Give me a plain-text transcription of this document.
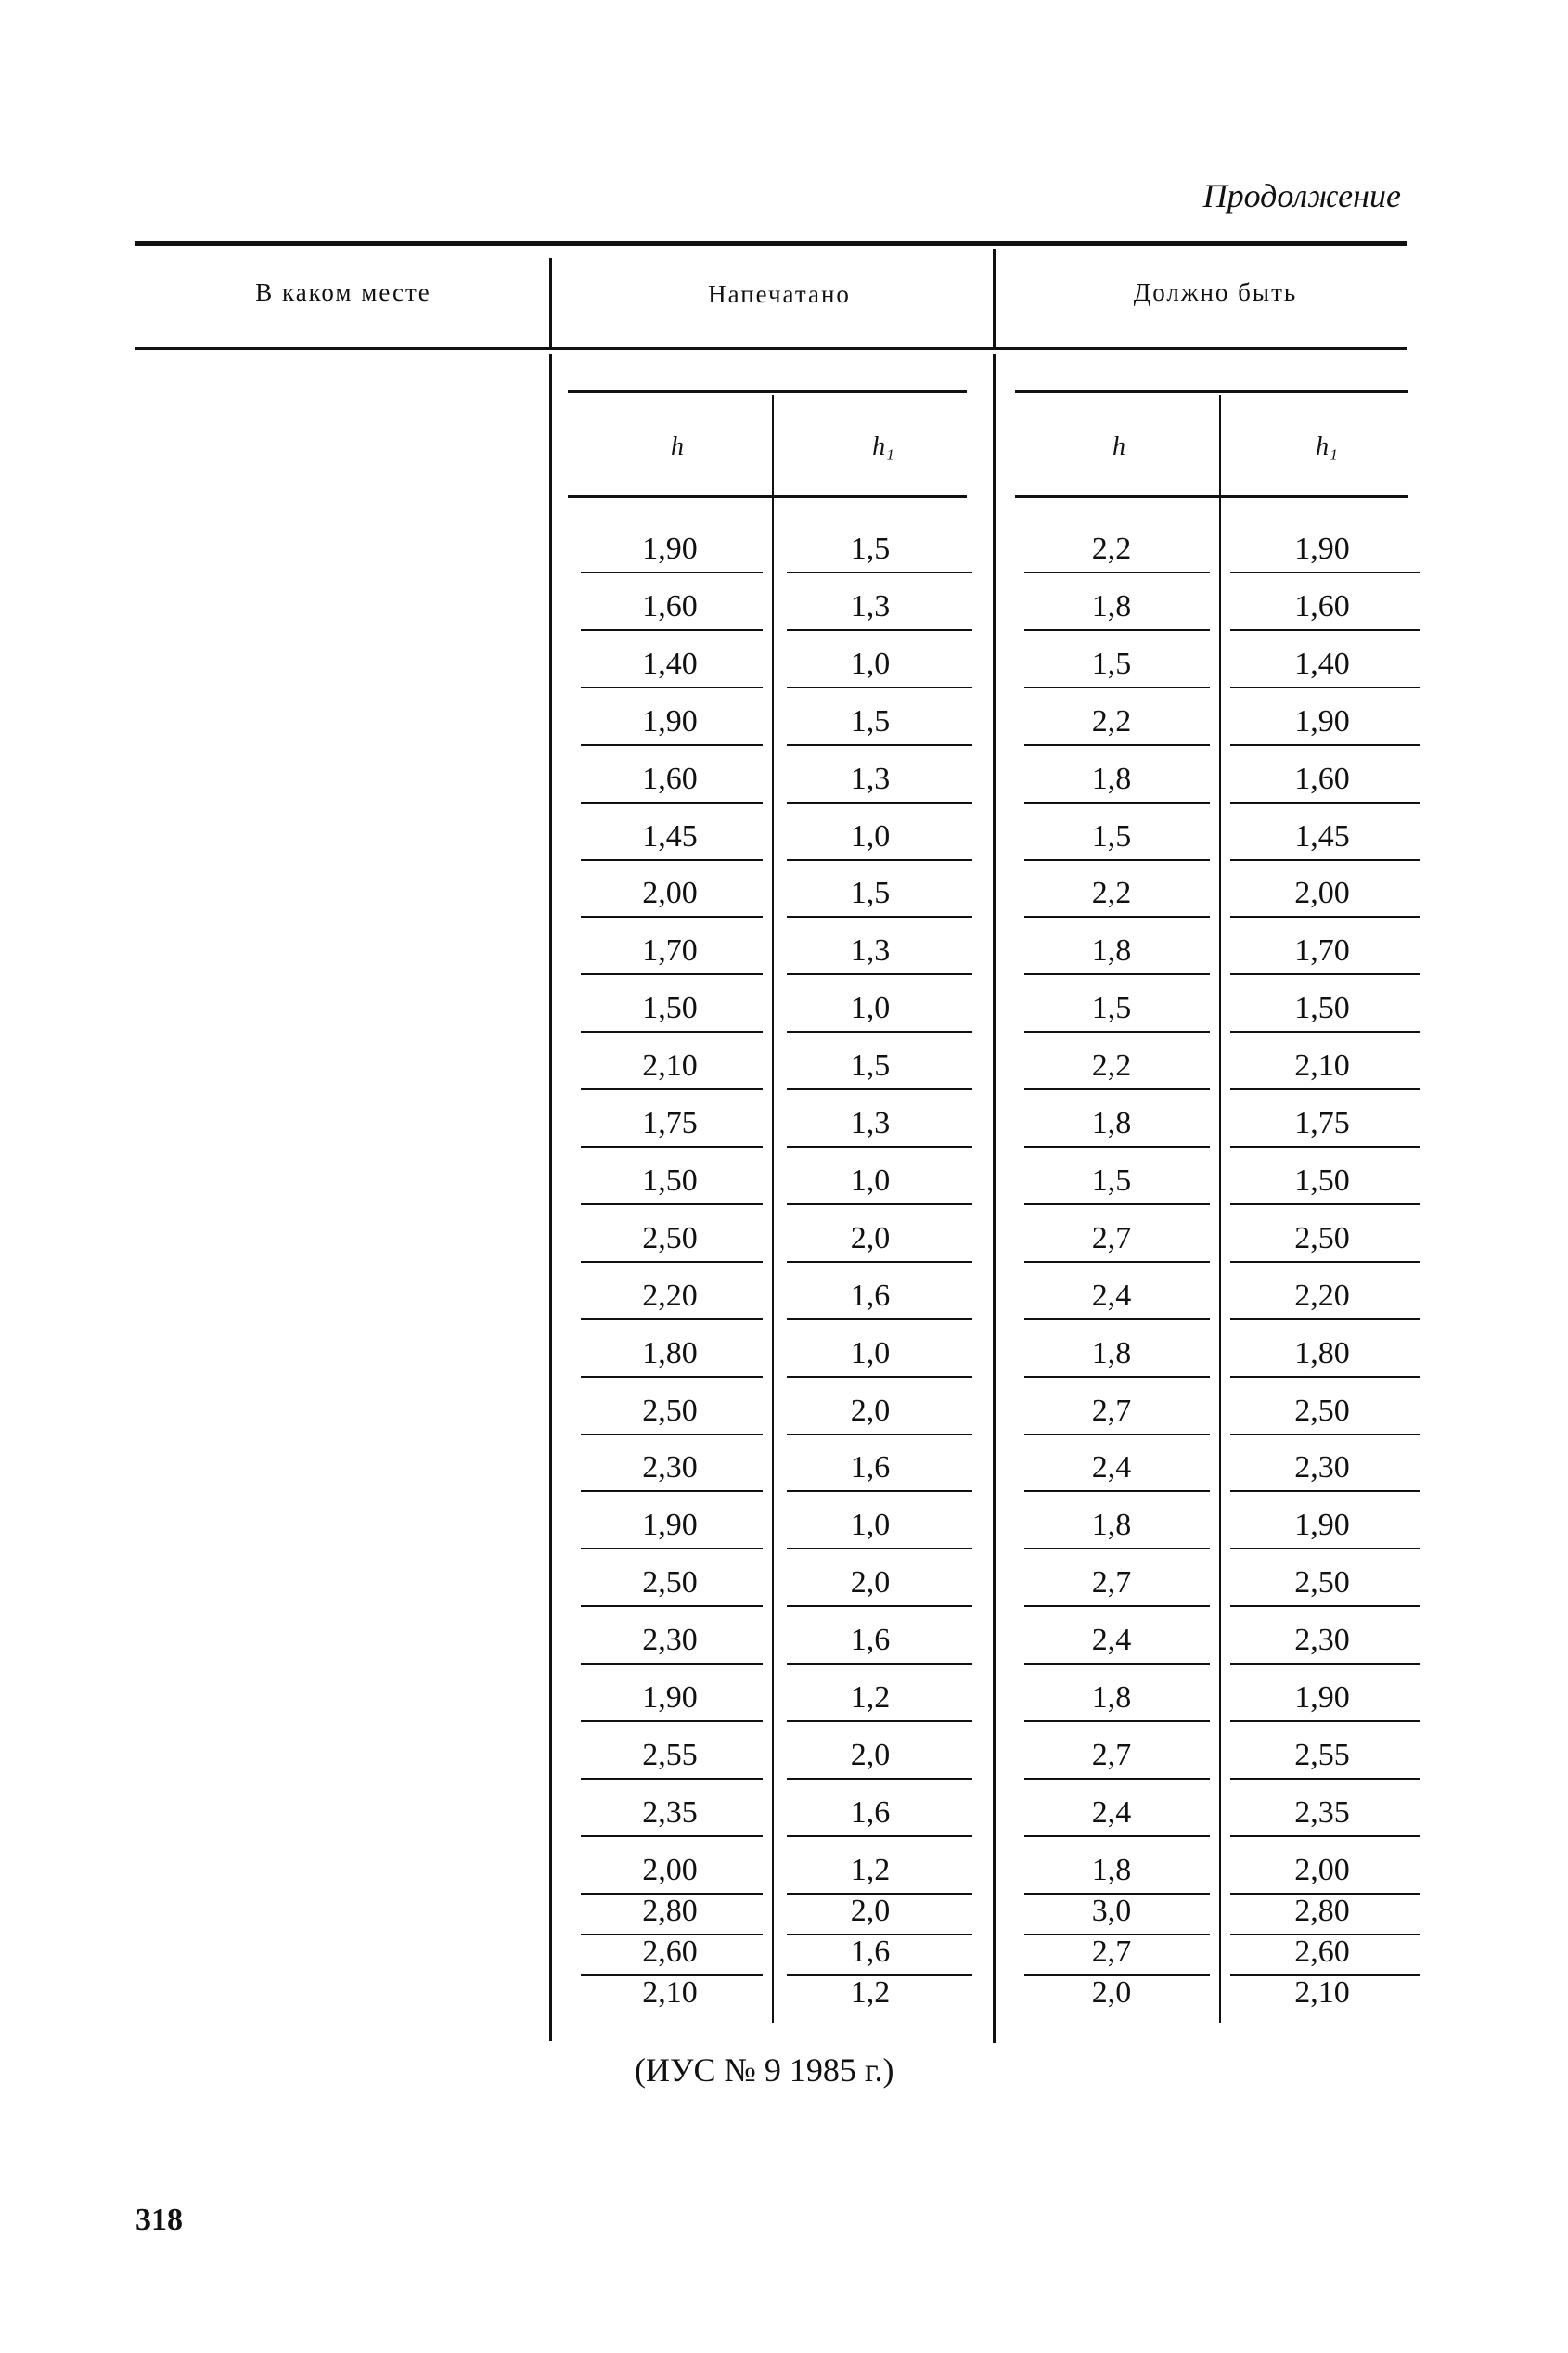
Продолжение
В каком месте	Напечатано	Должно быть
h	h₁	h	h₁
1,90	1,5	2,2	1,90
1,60	1,3	1,8	1,60
1,40	1,0	1,5	1,40
1,90	1,5	2,2	1,90
1,60	1,3	1,8	1,60
1,45	1,0	1,5	1,45
2,00	1,5	2,2	2,00
1,70	1,3	1,8	1,70
1,50	1,0	1,5	1,50
2,10	1,5	2,2	2,10
1,75	1,3	1,8	1,75
1,50	1,0	1,5	1,50
2,50	2,0	2,7	2,50
2,20	1,6	2,4	2,20
1,80	1,0	1,8	1,80
2,50	2,0	2,7	2,50
2,30	1,6	2,4	2,30
1,90	1,0	1,8	1,90
2,50	2,0	2,7	2,50
2,30	1,6	2,4	2,30
1,90	1,2	1,8	1,90
2,55	2,0	2,7	2,55
2,35	1,6	2,4	2,35
2,00	1,2	1,8	2,00
2,80	2,0	3,0	2,80
2,60	1,6	2,7	2,60
2,10	1,2	2,0	2,10
(ИУС № 9 1985 г.)
318
